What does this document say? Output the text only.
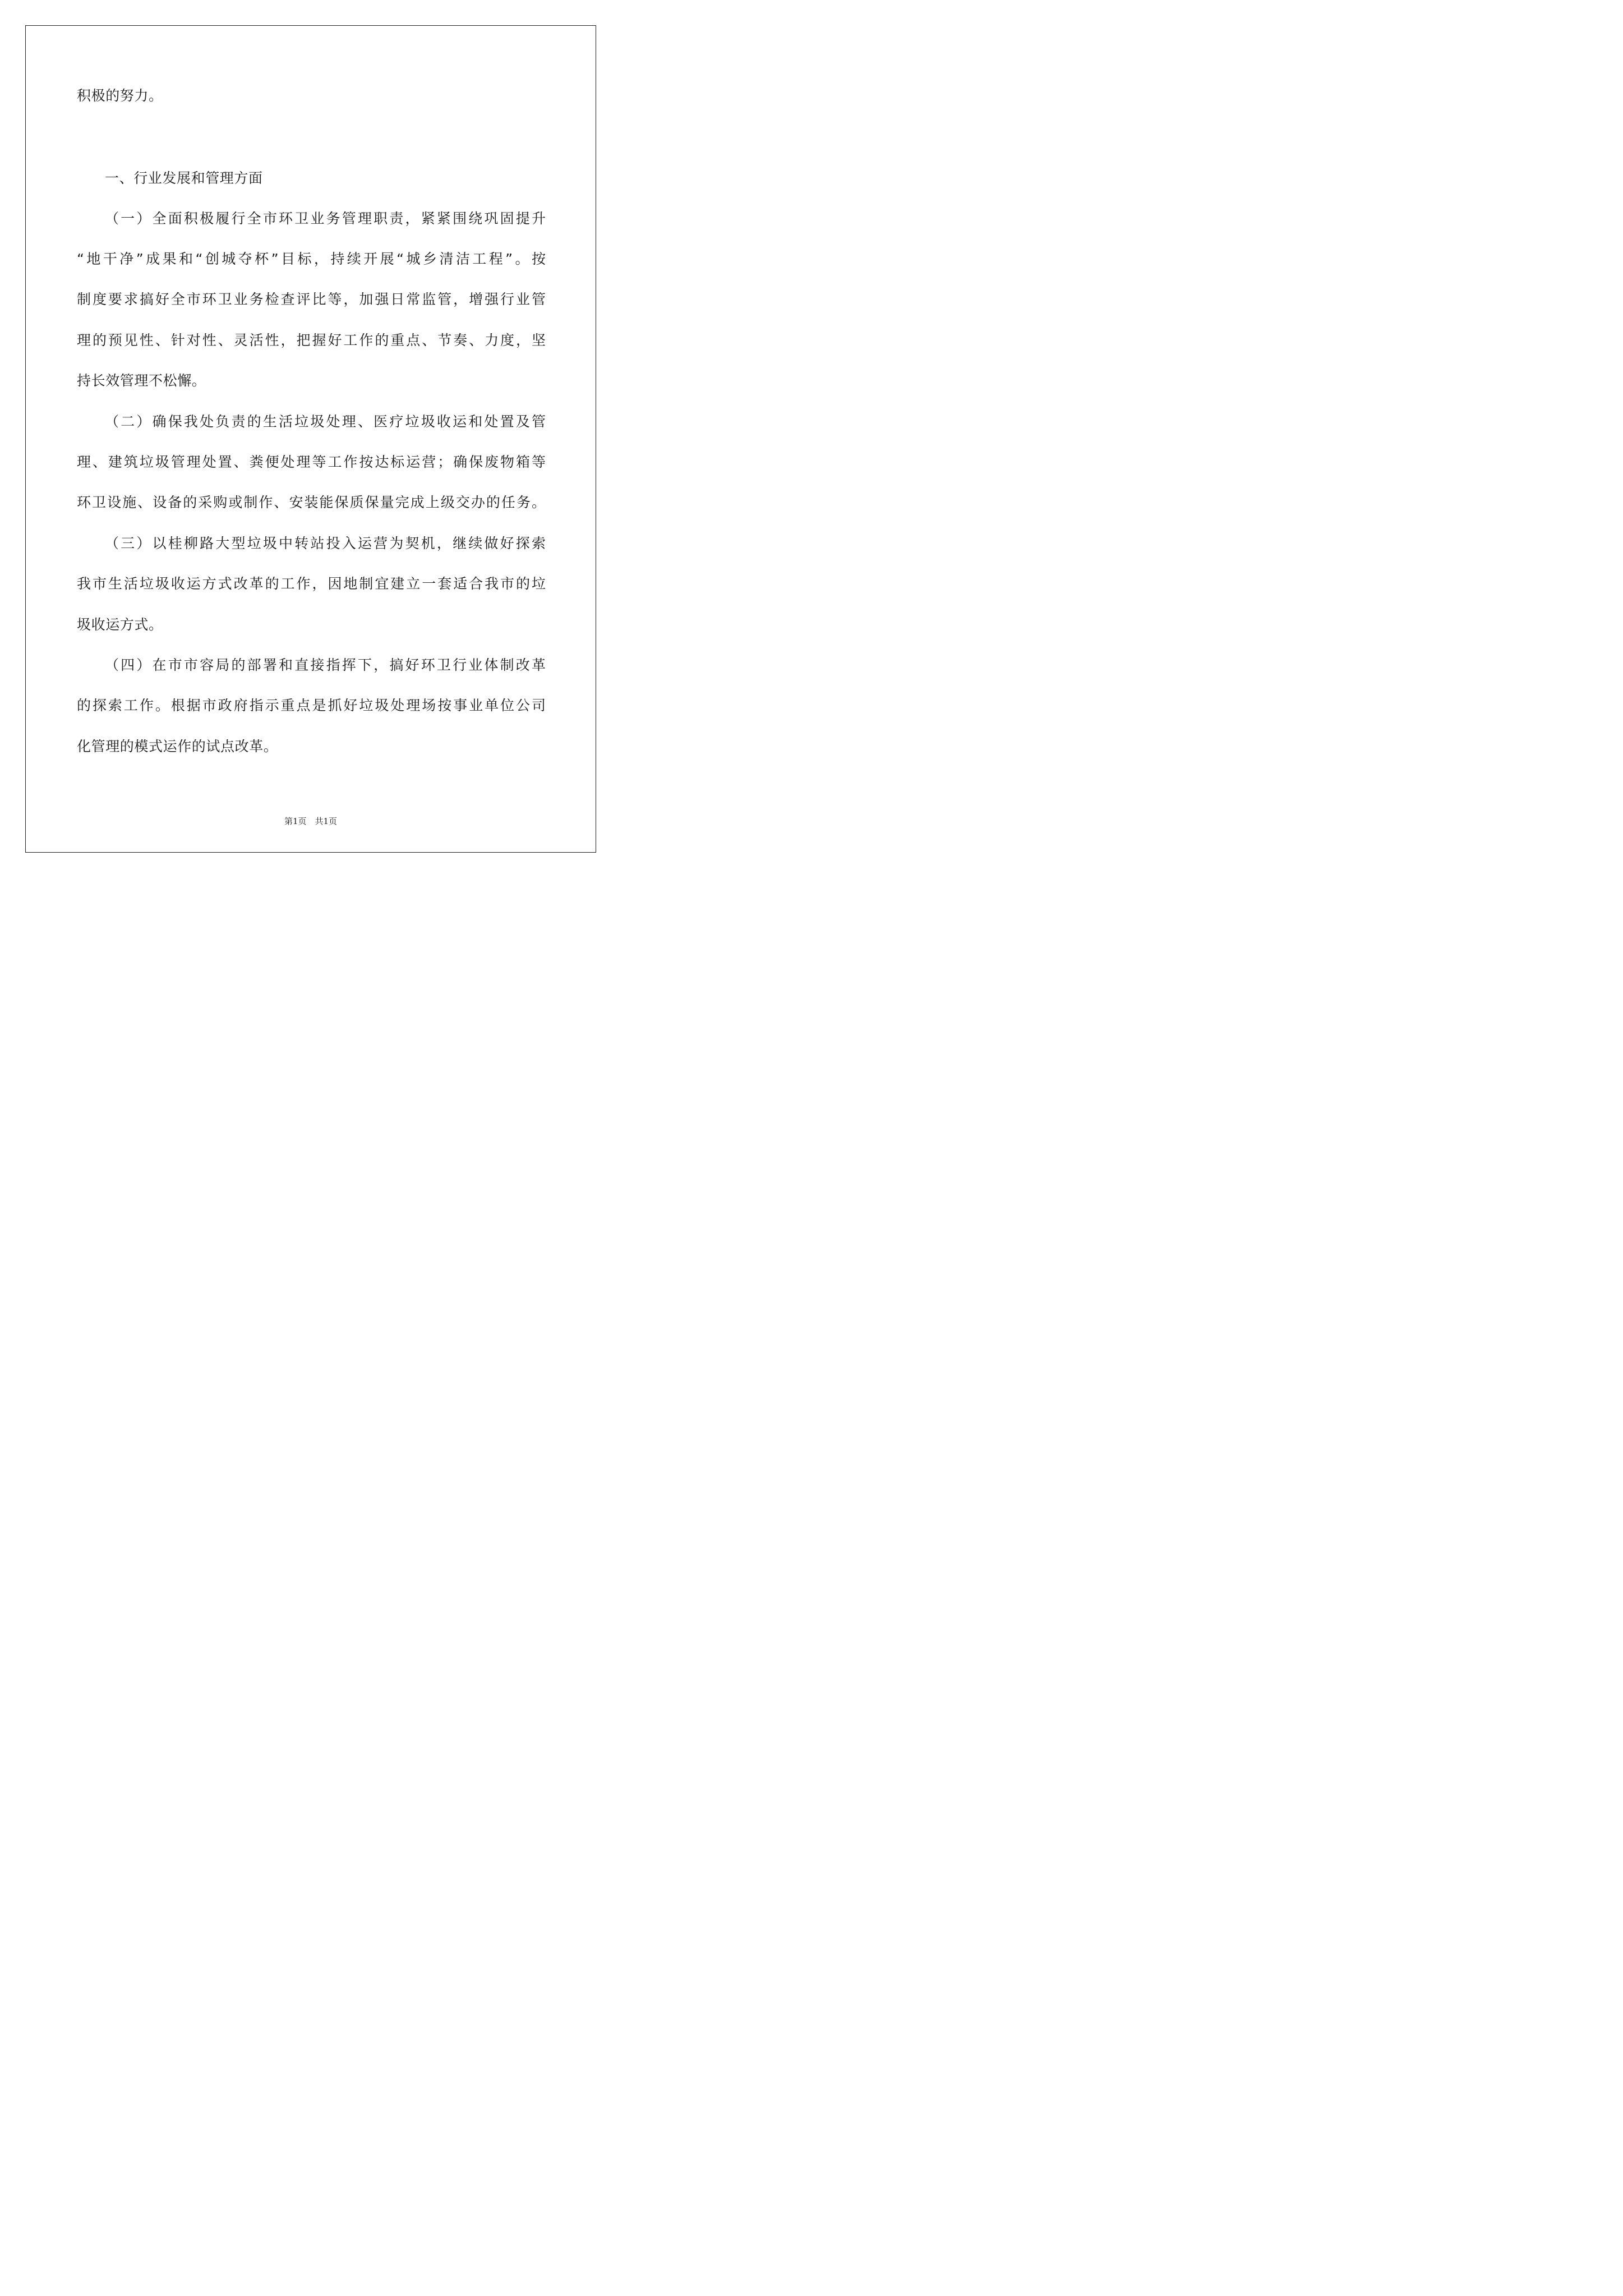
积极的努力。
一、行业发展和管理方面
（一）全面积极履行全市环卫业务管理职责，紧紧围绕巩固提升
“地干净”成果和“创城夺杯”目标，持续开展“城乡清洁工程”。按
制度要求搞好全市环卫业务检查评比等，加强日常监管，增强行业管
理的预见性、针对性、灵活性，把握好工作的重点、节奏、力度，坚
持长效管理不松懈。
（二）确保我处负责的生活垃圾处理、医疗垃圾收运和处置及管
理、建筑垃圾管理处置、粪便处理等工作按达标运营；确保废物箱等
环卫设施、设备的采购或制作、安装能保质保量完成上级交办的任务。
（三）以桂柳路大型垃圾中转站投入运营为契机，继续做好探索
我市生活垃圾收运方式改革的工作，因地制宜建立一套适合我市的垃
圾收运方式。
（四）在市市容局的部署和直接指挥下，搞好环卫行业体制改革
的探索工作。根据市政府指示重点是抓好垃圾处理场按事业单位公司
化管理的模式运作的试点改革。
第1页　共1页
